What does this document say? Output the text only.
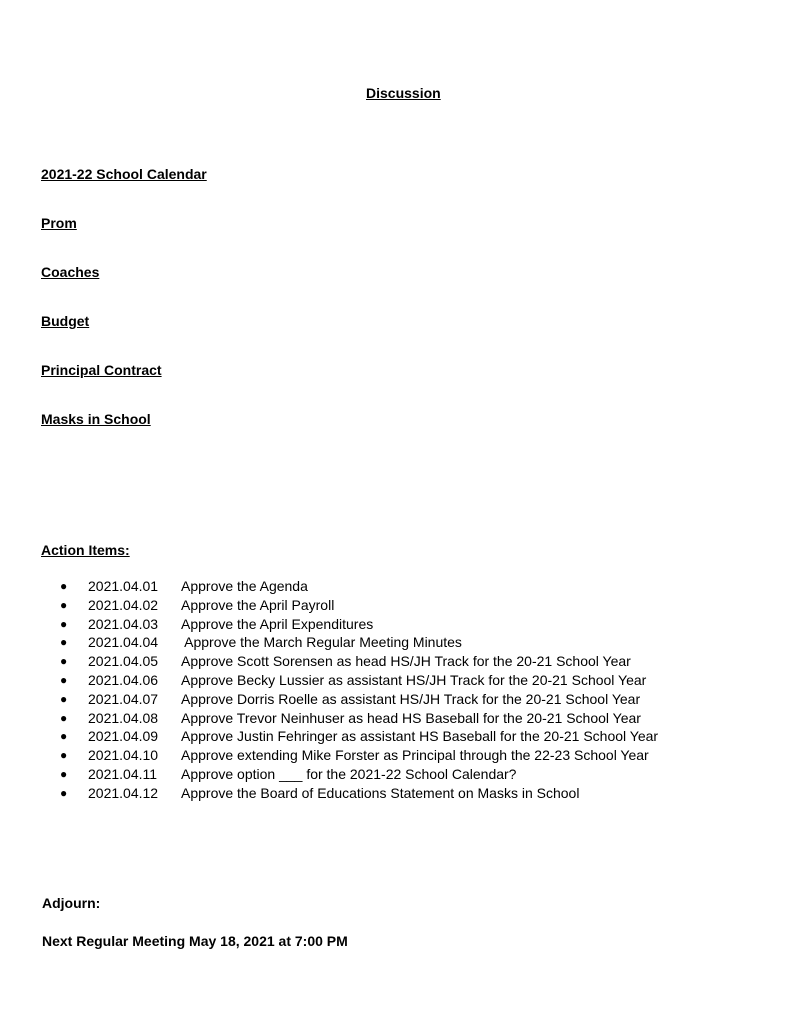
Discussion
2021-22 School Calendar
Prom
Coaches
Budget
Principal Contract
Masks in School
Action Items:
● 2021.04.01 Approve the Agenda
● 2021.04.02 Approve the April Payroll
● 2021.04.03 Approve the April Expenditures
● 2021.04.04 Approve the March Regular Meeting Minutes
● 2021.04.05 Approve Scott Sorensen as head HS/JH Track for the 20-21 School Year
● 2021.04.06 Approve Becky Lussier as assistant HS/JH Track for the 20-21 School Year
● 2021.04.07 Approve Dorris Roelle as assistant HS/JH Track for the 20-21 School Year
● 2021.04.08 Approve Trevor Neinhuser as head HS Baseball for the 20-21 School Year
● 2021.04.09 Approve Justin Fehringer as assistant HS Baseball for the 20-21 School Year
● 2021.04.10 Approve extending Mike Forster as Principal through the 22-23 School Year
● 2021.04.11 Approve option ___ for the 2021-22 School Calendar?
● 2021.04.12 Approve the Board of Educations Statement on Masks in School
Adjourn:
Next Regular Meeting May 18, 2021 at 7:00 PM
